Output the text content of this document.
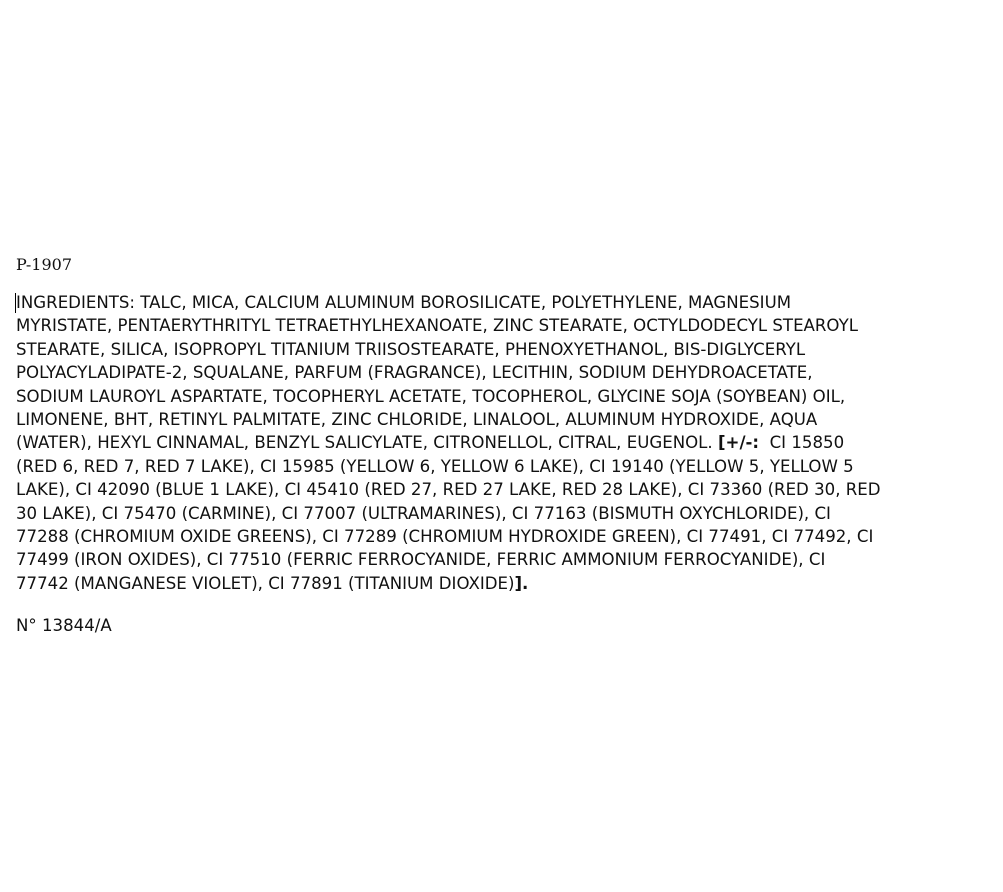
P-1907
INGREDIENTS: TALC, MICA, CALCIUM ALUMINUM BOROSILICATE, POLYETHYLENE, MAGNESIUM
MYRISTATE, PENTAERYTHRITYL TETRAETHYLHEXANOATE, ZINC STEARATE, OCTYLDODECYL STEAROYL
STEARATE, SILICA, ISOPROPYL TITANIUM TRIISOSTEARATE, PHENOXYETHANOL, BIS-DIGLYCERYL
POLYACYLADIPATE-2, SQUALANE, PARFUM (FRAGRANCE), LECITHIN, SODIUM DEHYDROACETATE,
SODIUM LAUROYL ASPARTATE, TOCOPHERYL ACETATE, TOCOPHEROL, GLYCINE SOJA (SOYBEAN) OIL,
LIMONENE, BHT, RETINYL PALMITATE, ZINC CHLORIDE, LINALOOL, ALUMINUM HYDROXIDE, AQUA
(WATER), HEXYL CINNAMAL, BENZYL SALICYLATE, CITRONELLOL, CITRAL, EUGENOL. [+/-:  CI 15850
(RED 6, RED 7, RED 7 LAKE), CI 15985 (YELLOW 6, YELLOW 6 LAKE), CI 19140 (YELLOW 5, YELLOW 5
LAKE), CI 42090 (BLUE 1 LAKE), CI 45410 (RED 27, RED 27 LAKE, RED 28 LAKE), CI 73360 (RED 30, RED
30 LAKE), CI 75470 (CARMINE), CI 77007 (ULTRAMARINES), CI 77163 (BISMUTH OXYCHLORIDE), CI
77288 (CHROMIUM OXIDE GREENS), CI 77289 (CHROMIUM HYDROXIDE GREEN), CI 77491, CI 77492, CI
77499 (IRON OXIDES), CI 77510 (FERRIC FERROCYANIDE, FERRIC AMMONIUM FERROCYANIDE), CI
77742 (MANGANESE VIOLET), CI 77891 (TITANIUM DIOXIDE)].
N° 13844/A
